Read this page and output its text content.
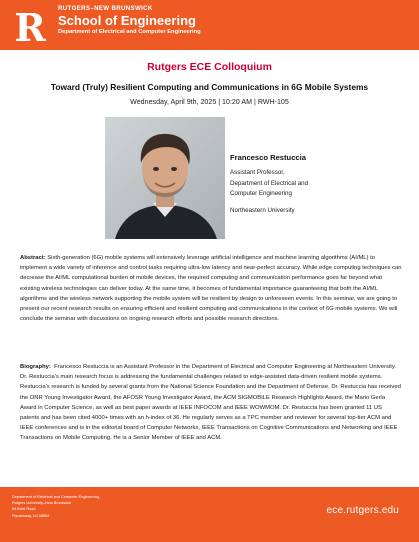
R RUTGERS–NEW BRUNSWICK
School of Engineering
Department of Electrical and Computer Engineering
Rutgers ECE Colloquium
Toward (Truly) Resilient Computing and Communications in 6G Mobile Systems
Wednesday, April 9th, 2025 | 10:20 AM | RWH-105
Francesco Restuccia
Assistant Professor,
Department of Electrical and
Computer Engineering
Northeastern University
Abstract: Sixth-generation (6G) mobile systems will extensively leverage artificial intelligence and machine learning algorithms (AI/ML) to implement a wide variety of inference and control tasks requiring ultra-low latency and near-perfect accuracy. While edge computing techniques can decrease the AI/ML computational burden of mobile devices, the required computing and communication performance goes far beyond what existing wireless technologies can deliver today. At the same time, it becomes of fundamental importance guaranteeing that both the AI/ML algorithms and the wireless network supporting the mobile system will be resilient by design to unforeseen events. In this seminar, we are going to present our recent research results on ensuring efficient and resilient computing and communications in the context of 6G mobile systems. We will conclude the seminar with discussions on ongoing research efforts and possible research directions.
Biography: Francesco Restuccia is an Assistant Professor in the Department of Electrical and Computer Engineering at Northeastern University. Dr. Restuccia's main research focus is addressing the fundamental challenges related to edge-assisted data-driven resilient mobile systems. Restuccia's research is funded by several grants from the National Science Foundation and the Department of Defense. Dr. Restuccia has received the ONR Young Investigator Award, the AFOSR Young Investigator Award, the ACM SIGMOBILE Research Highlights Award, the Mario Gerla Award in Computer Science, as well as best paper awards at IEEE INFOCOM and IEEE WOWMOM. Dr. Restuccia has been granted 11 US patents and has been cited 4000+ times with an h-index of 36. He regularly serves as a TPC member and reviewer for several top-tier ACM and IEEE conferences and is in the editorial board of Computer Networks, IEEE Transactions on Cognitive Communications and Networking and IEEE Transactions on Mobile Computing. He is a Senior Member of IEEE and ACM.
Department of Electrical and Computer Engineering
Rutgers University–New Brunswick
94 Brett Road
Piscataway, NJ 08854	ece.rutgers.edu
